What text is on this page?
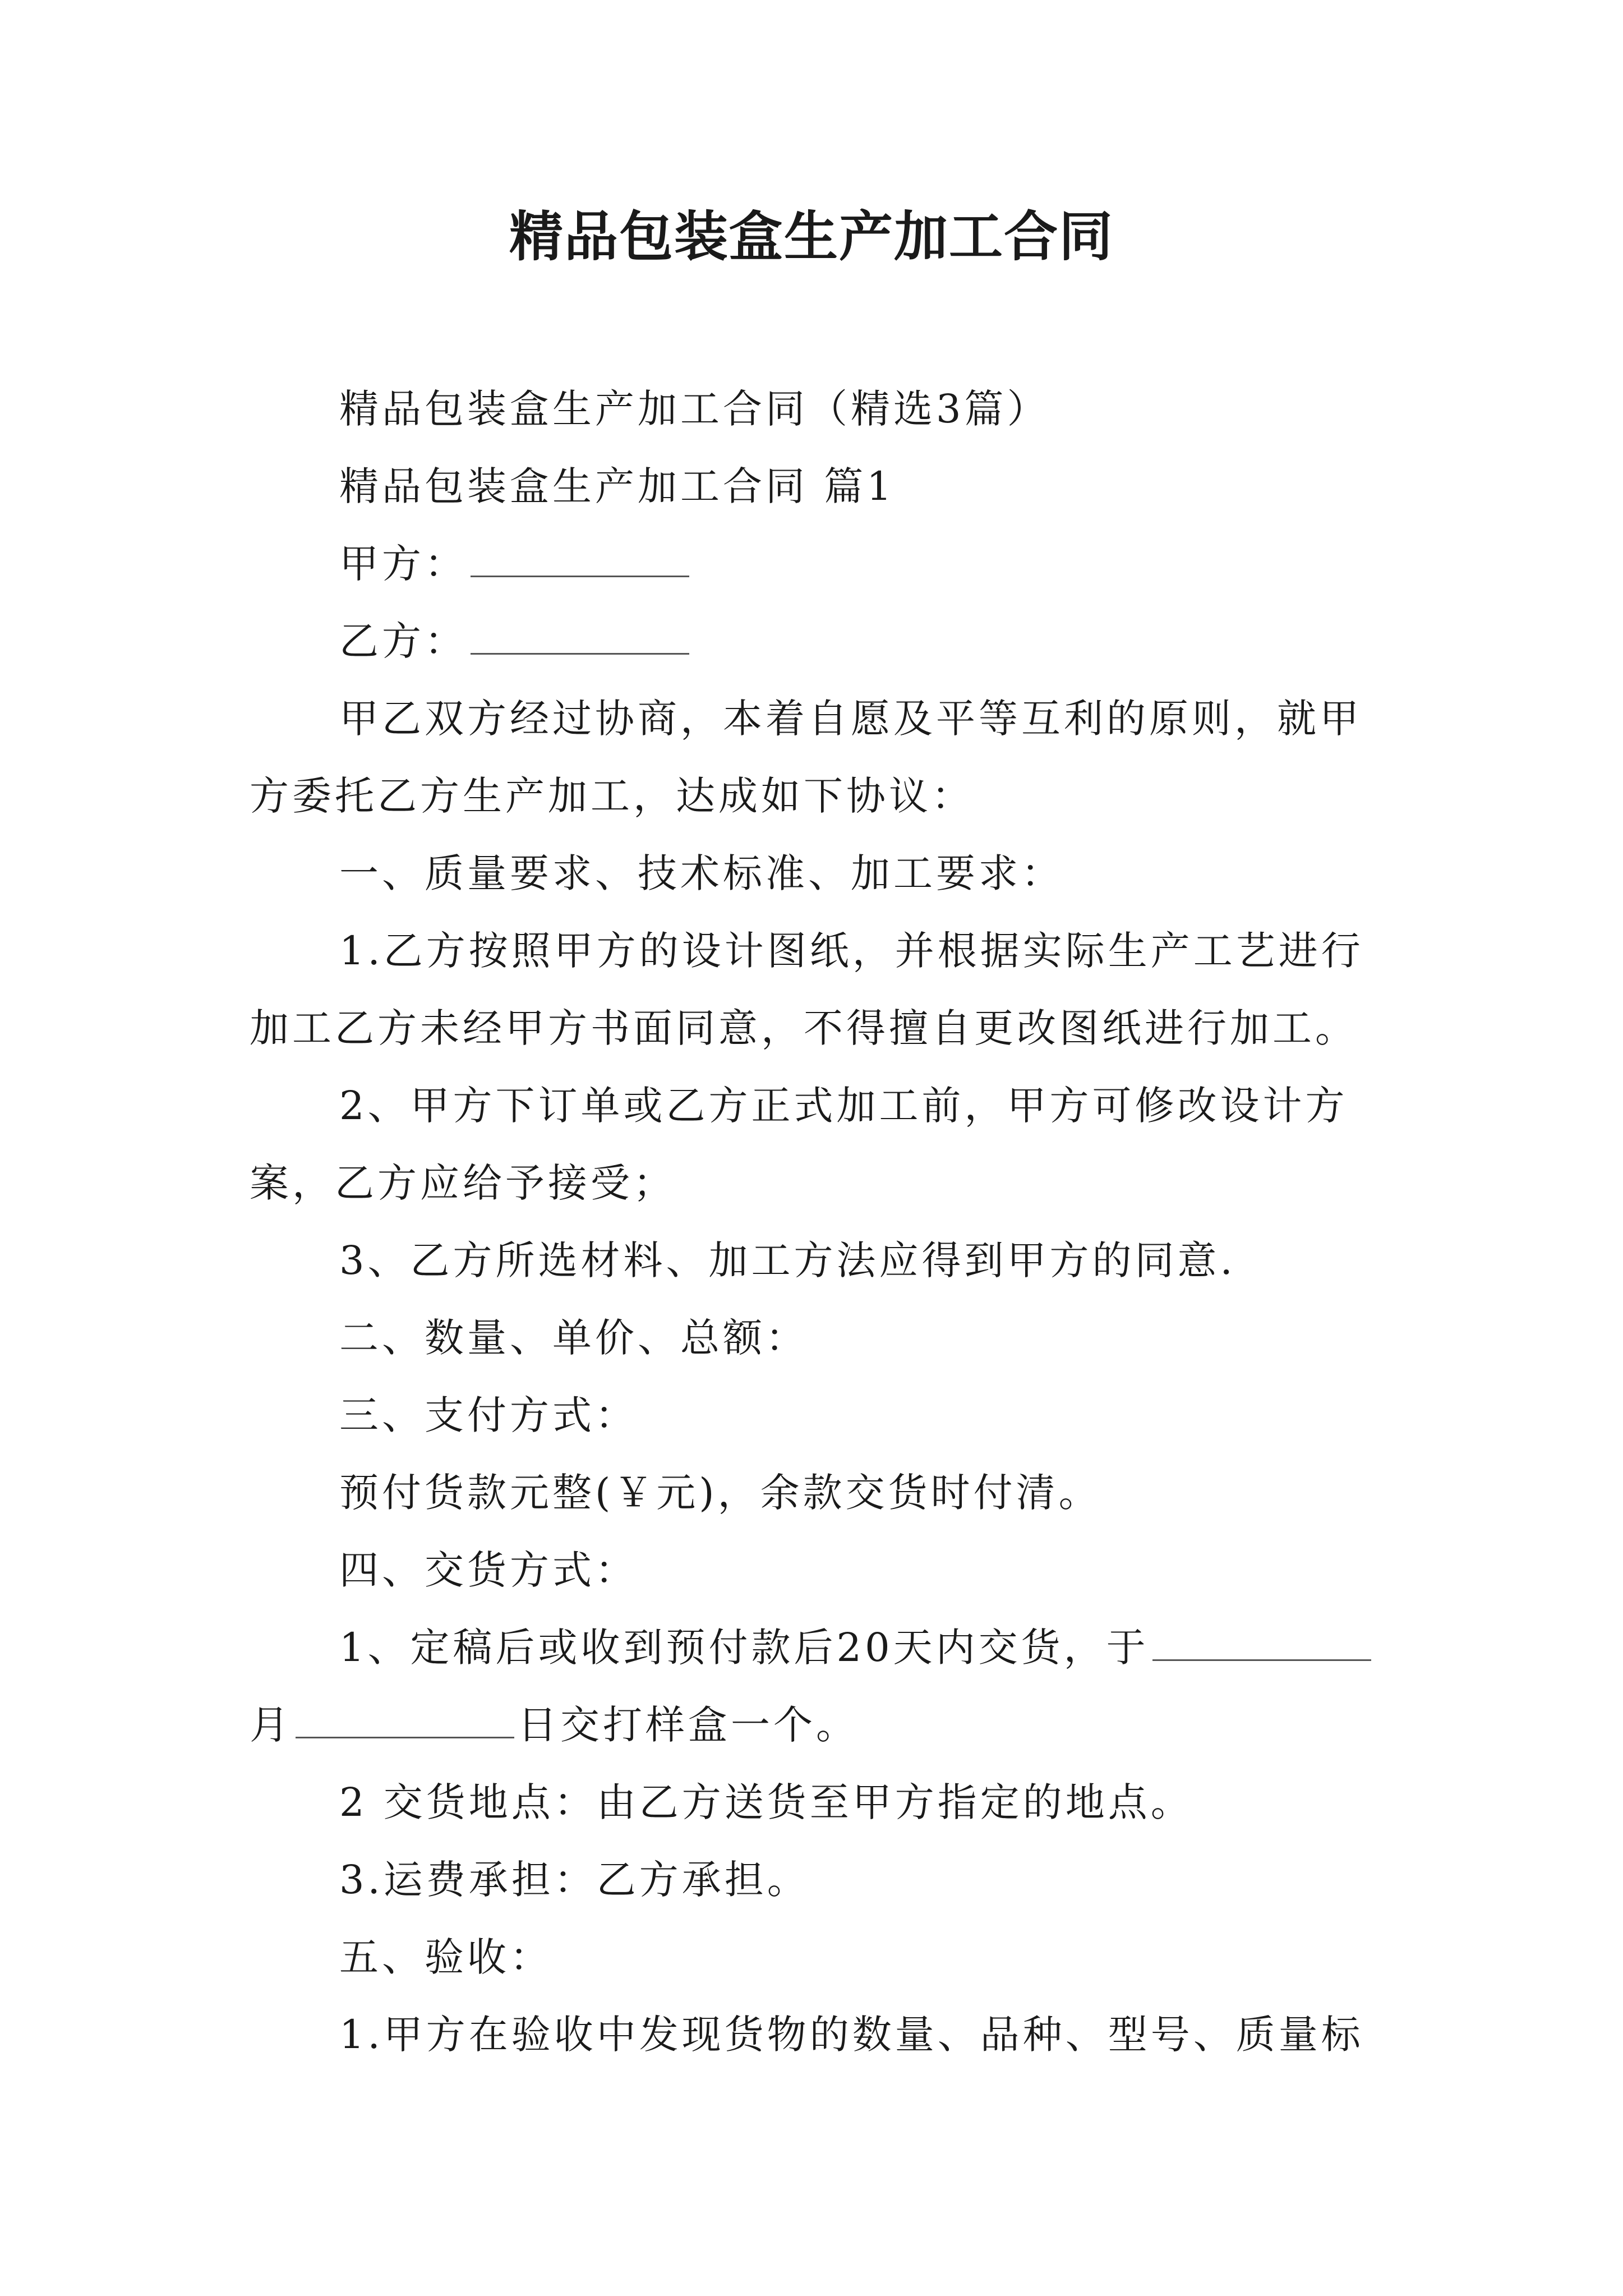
精品包装盒生产加工合同

精品包装盒生产加工合同（精选3篇）

精品包装盒生产加工合同 篇1

甲方：

乙方：

甲乙双方经过协商，本着自愿及平等互利的原则，就甲方委托乙方生产加工，达成如下协议：

一、质量要求、技术标准、加工要求：

1.乙方按照甲方的设计图纸，并根据实际生产工艺进行加工乙方未经甲方书面同意，不得擅自更改图纸进行加工。

2、甲方下订单或乙方正式加工前，甲方可修改设计方案，乙方应给予接受；

3、乙方所选材料、加工方法应得到甲方的同意.

二、数量、单价、总额：

三、支付方式：

预付货款元整(￥元)，余款交货时付清。

四、交货方式：

1、定稿后或收到预付款后20天内交货，于月	日交打样盒一个。

2 交货地点：由乙方送货至甲方指定的地点。

3.运费承担：乙方承担。

五、验收：

1.甲方在验收中发现货物的数量、品种、型号、质量标
